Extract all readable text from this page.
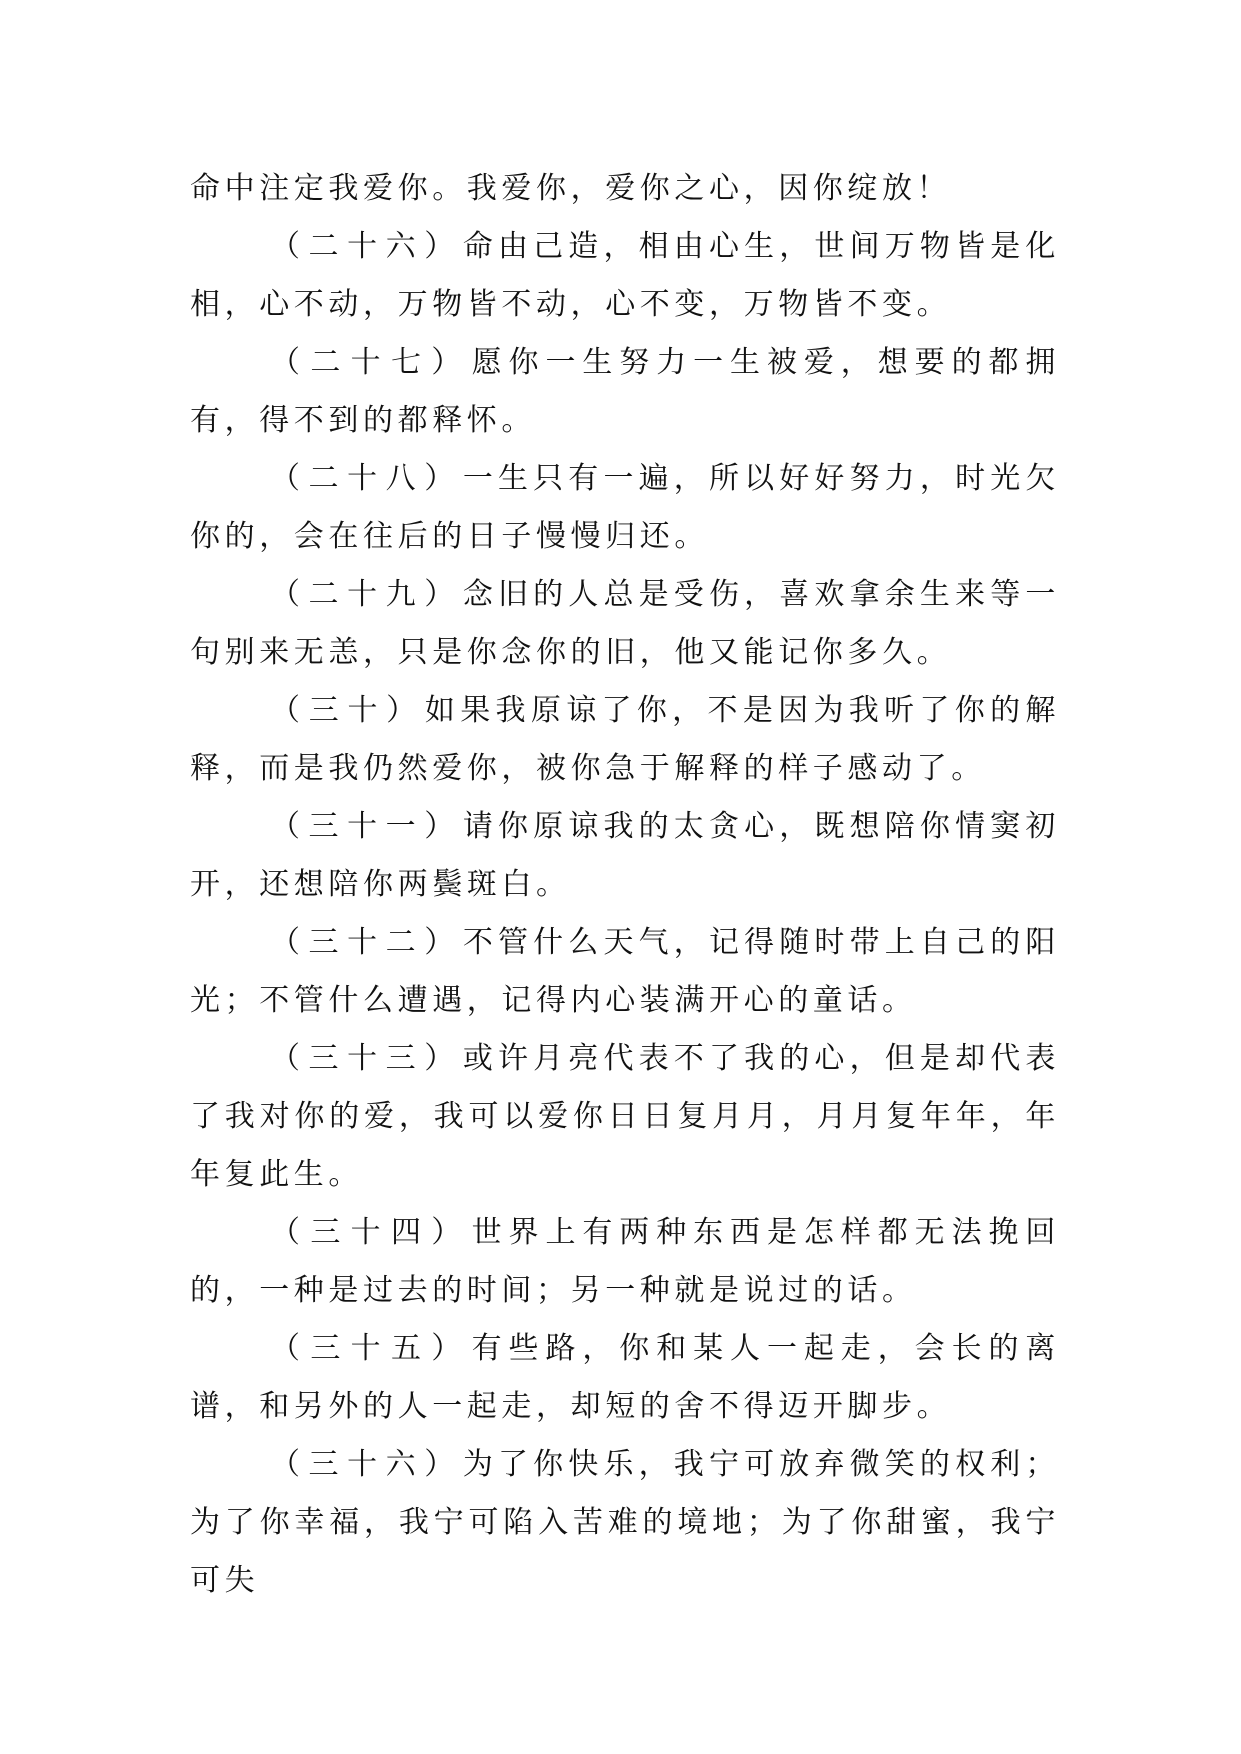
命中注定我爱你。我爱你，爱你之心，因你绽放！

（二十六）命由己造，相由心生，世间万物皆是化相，心不动，万物皆不动，心不变，万物皆不变。

（二十七）愿你一生努力一生被爱，想要的都拥有，得不到的都释怀。

（二十八）一生只有一遍，所以好好努力，时光欠你的，会在往后的日子慢慢归还。

（二十九）念旧的人总是受伤，喜欢拿余生来等一句别来无恙，只是你念你的旧，他又能记你多久。

（三十）如果我原谅了你，不是因为我听了你的解释，而是我仍然爱你，被你急于解释的样子感动了。

（三十一）请你原谅我的太贪心，既想陪你情窦初开，还想陪你两鬓斑白。

（三十二）不管什么天气，记得随时带上自己的阳光；不管什么遭遇，记得内心装满开心的童话。

（三十三）或许月亮代表不了我的心，但是却代表了我对你的爱，我可以爱你日日复月月，月月复年年，年年复此生。

（三十四）世界上有两种东西是怎样都无法挽回的，一种是过去的时间；另一种就是说过的话。

（三十五）有些路，你和某人一起走，会长的离谱，和另外的人一起走，却短的舍不得迈开脚步。

（三十六）为了你快乐，我宁可放弃微笑的权利；为了你幸福，我宁可陷入苦难的境地；为了你甜蜜，我宁可失
